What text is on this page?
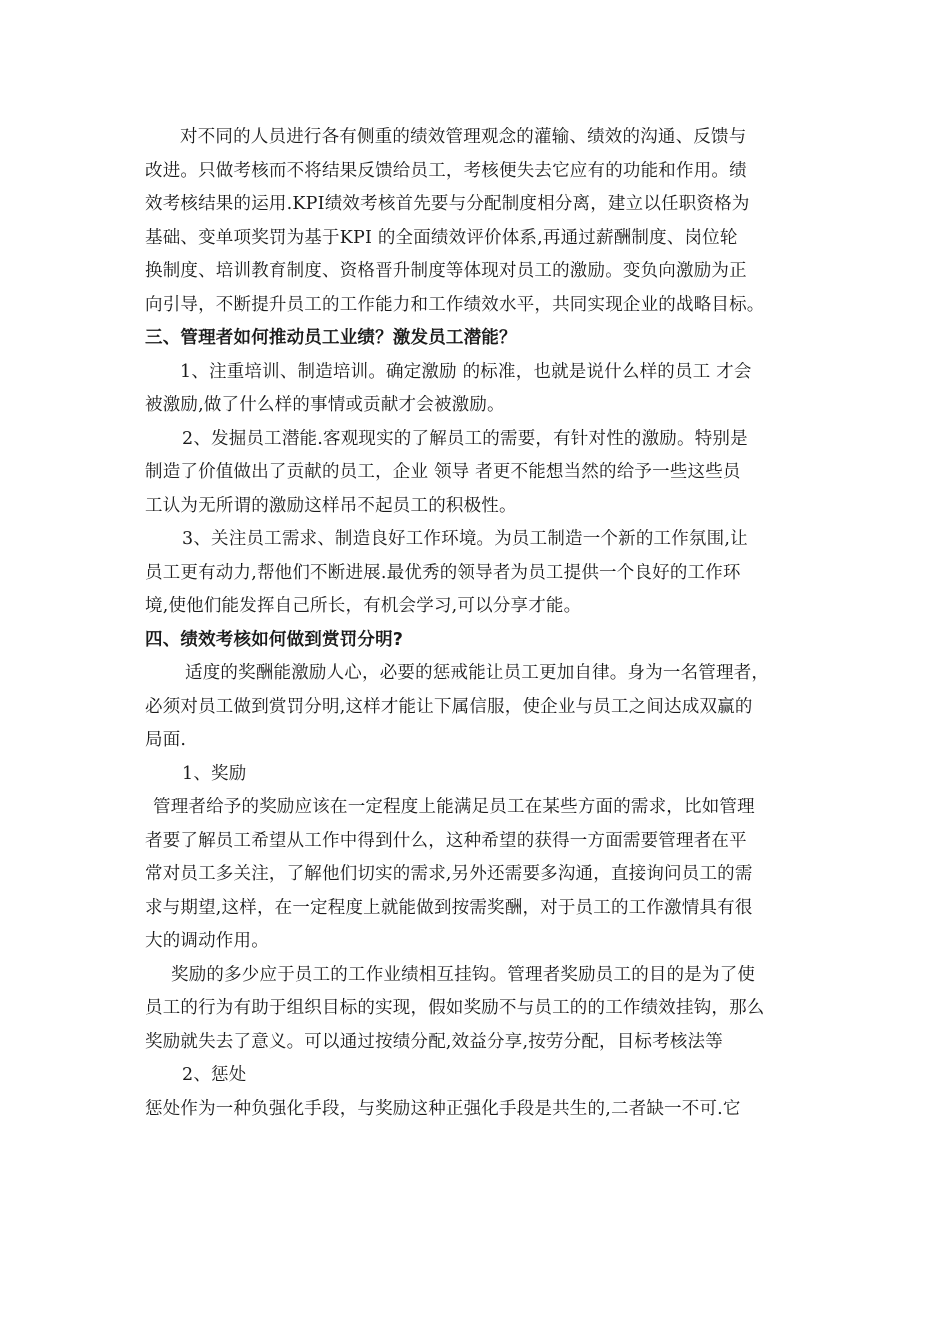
对不同的人员进行各有侧重的绩效管理观念的灌输、绩效的沟通、反馈与
改进。只做考核而不将结果反馈给员工，考核便失去它应有的功能和作用。绩
效考核结果的运用.KPI绩效考核首先要与分配制度相分离，建立以任职资格为
基础、变单项奖罚为基于KPI 的全面绩效评价体系,再通过薪酬制度、岗位轮
换制度、培训教育制度、资格晋升制度等体现对员工的激励。变负向激励为正
向引导，不断提升员工的工作能力和工作绩效水平，共同实现企业的战略目标。
三、管理者如何推动员工业绩？激发员工潜能？
1、注重培训、制造培训。确定激励 的标准，也就是说什么样的员工 才会
被激励,做了什么样的事情或贡献才会被激励。
2、发掘员工潜能.客观现实的了解员工的需要，有针对性的激励。特别是
制造了价值做出了贡献的员工，企业 领导 者更不能想当然的给予一些这些员
工认为无所谓的激励这样吊不起员工的积极性。
3、关注员工需求、制造良好工作环境。为员工制造一个新的工作氛围,让
员工更有动力,帮他们不断进展.最优秀的领导者为员工提供一个良好的工作环
境,使他们能发挥自己所长，有机会学习,可以分享才能。
四、绩效考核如何做到赏罚分明?
适度的奖酬能激励人心，必要的惩戒能让员工更加自律。身为一名管理者，
必须对员工做到赏罚分明,这样才能让下属信服，使企业与员工之间达成双赢的
局面.
1、奖励
管理者给予的奖励应该在一定程度上能满足员工在某些方面的需求，比如管理
者要了解员工希望从工作中得到什么，这种希望的获得一方面需要管理者在平
常对员工多关注，了解他们切实的需求,另外还需要多沟通，直接询问员工的需
求与期望,这样，在一定程度上就能做到按需奖酬，对于员工的工作激情具有很
大的调动作用。
奖励的多少应于员工的工作业绩相互挂钩。管理者奖励员工的目的是为了使
员工的行为有助于组织目标的实现，假如奖励不与员工的的工作绩效挂钩，那么
奖励就失去了意义。可以通过按绩分配,效益分享,按劳分配，目标考核法等
2、惩处
惩处作为一种负强化手段，与奖励这种正强化手段是共生的,二者缺一不可.它
